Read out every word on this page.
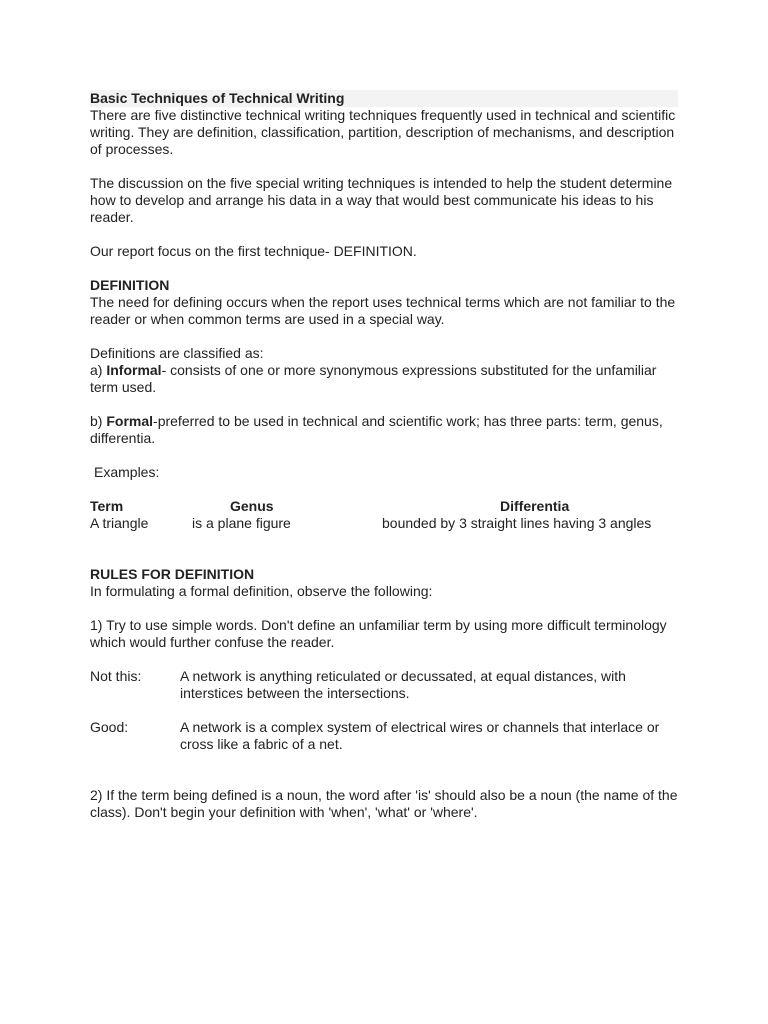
Basic Techniques of Technical Writing

There are five distinctive technical writing techniques frequently used in technical and scientific writing. They are definition, classification, partition, description of mechanisms, and description of processes.

The discussion on the five special writing techniques is intended to help the student determine how to develop and arrange his data in a way that would best communicate his ideas to his reader.

Our report focus on the first technique- DEFINITION.

DEFINITION

The need for defining occurs when the report uses technical terms which are not familiar to the reader or when common terms are used in a special way.

Definitions are classified as:

a) Informal- consists of one or more synonymous expressions substituted for the unfamiliar term used.

b) Formal-preferred to be used in technical and scientific work; has three parts: term, genus, differentia.

Examples:

Term	Genus	Differentia
A triangle	is a plane figure	bounded by 3 straight lines having 3 angles

RULES FOR DEFINITION

In formulating a formal definition, observe the following:

1) Try to use simple words. Don't define an unfamiliar term by using more difficult terminology which would further confuse the reader.

Not this:	A network is anything reticulated or decussated, at equal distances, with interstices between the intersections.
Good:	A network is a complex system of electrical wires or channels that interlace or cross like a fabric of a net.

2) If the term being defined is a noun, the word after 'is' should also be a noun (the name of the class). Don't begin your definition with 'when', 'what' or 'where'.
